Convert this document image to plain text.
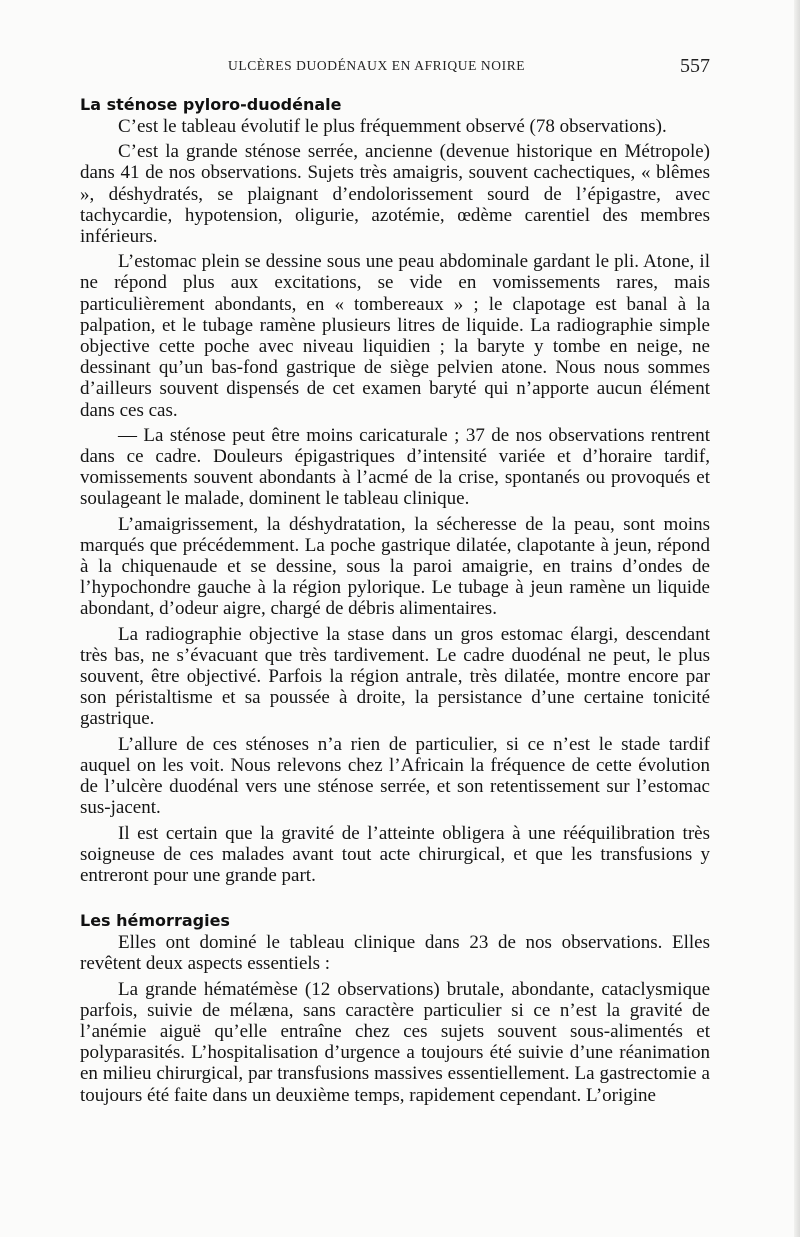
ULCÈRES DUODÉNAUX EN AFRIQUE NOIRE	557
La sténose pyloro-duodénale

C’est le tableau évolutif le plus fréquemment observé (78 observations).

C’est la grande sténose serrée, ancienne (devenue historique en Métropole) dans 41 de nos observations. Sujets très amaigris, souvent cachectiques, « blêmes », déshydratés, se plaignant d’endolorissement sourd de l’épigastre, avec tachycardie, hypotension, oligurie, azotémie, œdème carentiel des membres inférieurs.

L’estomac plein se dessine sous une peau abdominale gardant le pli. Atone, il ne répond plus aux excitations, se vide en vomissements rares, mais particulièrement abondants, en « tombereaux » ; le clapotage est banal à la palpation, et le tubage ramène plusieurs litres de liquide. La radiographie simple objective cette poche avec niveau liquidien ; la baryte y tombe en neige, ne dessinant qu’un bas-fond gastrique de siège pelvien atone. Nous nous sommes d’ailleurs souvent dispensés de cet examen baryté qui n’apporte aucun élément dans ces cas.

— La sténose peut être moins caricaturale ; 37 de nos observations rentrent dans ce cadre. Douleurs épigastriques d’intensité variée et d’horaire tardif, vomissements souvent abondants à l’acmé de la crise, spontanés ou provoqués et soulageant le malade, dominent le tableau clinique.

L’amaigrissement, la déshydratation, la sécheresse de la peau, sont moins marqués que précédemment. La poche gastrique dilatée, clapotante à jeun, répond à la chiquenaude et se dessine, sous la paroi amaigrie, en trains d’ondes de l’hypochondre gauche à la région pylorique. Le tubage à jeun ramène un liquide abondant, d’odeur aigre, chargé de débris alimentaires.

La radiographie objective la stase dans un gros estomac élargi, descendant très bas, ne s’évacuant que très tardivement. Le cadre duodénal ne peut, le plus souvent, être objectivé. Parfois la région antrale, très dilatée, montre encore par son péristaltisme et sa poussée à droite, la persistance d’une certaine tonicité gastrique.

L’allure de ces sténoses n’a rien de particulier, si ce n’est le stade tardif auquel on les voit. Nous relevons chez l’Africain la fréquence de cette évolution de l’ulcère duodénal vers une sténose serrée, et son retentissement sur l’estomac sus-jacent.

Il est certain que la gravité de l’atteinte obligera à une rééquilibration très soigneuse de ces malades avant tout acte chirurgical, et que les transfusions y entreront pour une grande part.

Les hémorragies

Elles ont dominé le tableau clinique dans 23 de nos observations. Elles revêtent deux aspects essentiels :

La grande hématémèse (12 observations) brutale, abondante, cataclysmique parfois, suivie de mélæna, sans caractère particulier si ce n’est la gravité de l’anémie aiguë qu’elle entraîne chez ces sujets souvent sous-alimentés et polyparasités. L’hospitalisation d’urgence a toujours été suivie d’une réanimation en milieu chirurgical, par transfusions massives essentiellement. La gastrectomie a toujours été faite dans un deuxième temps, rapidement cependant. L’origine
